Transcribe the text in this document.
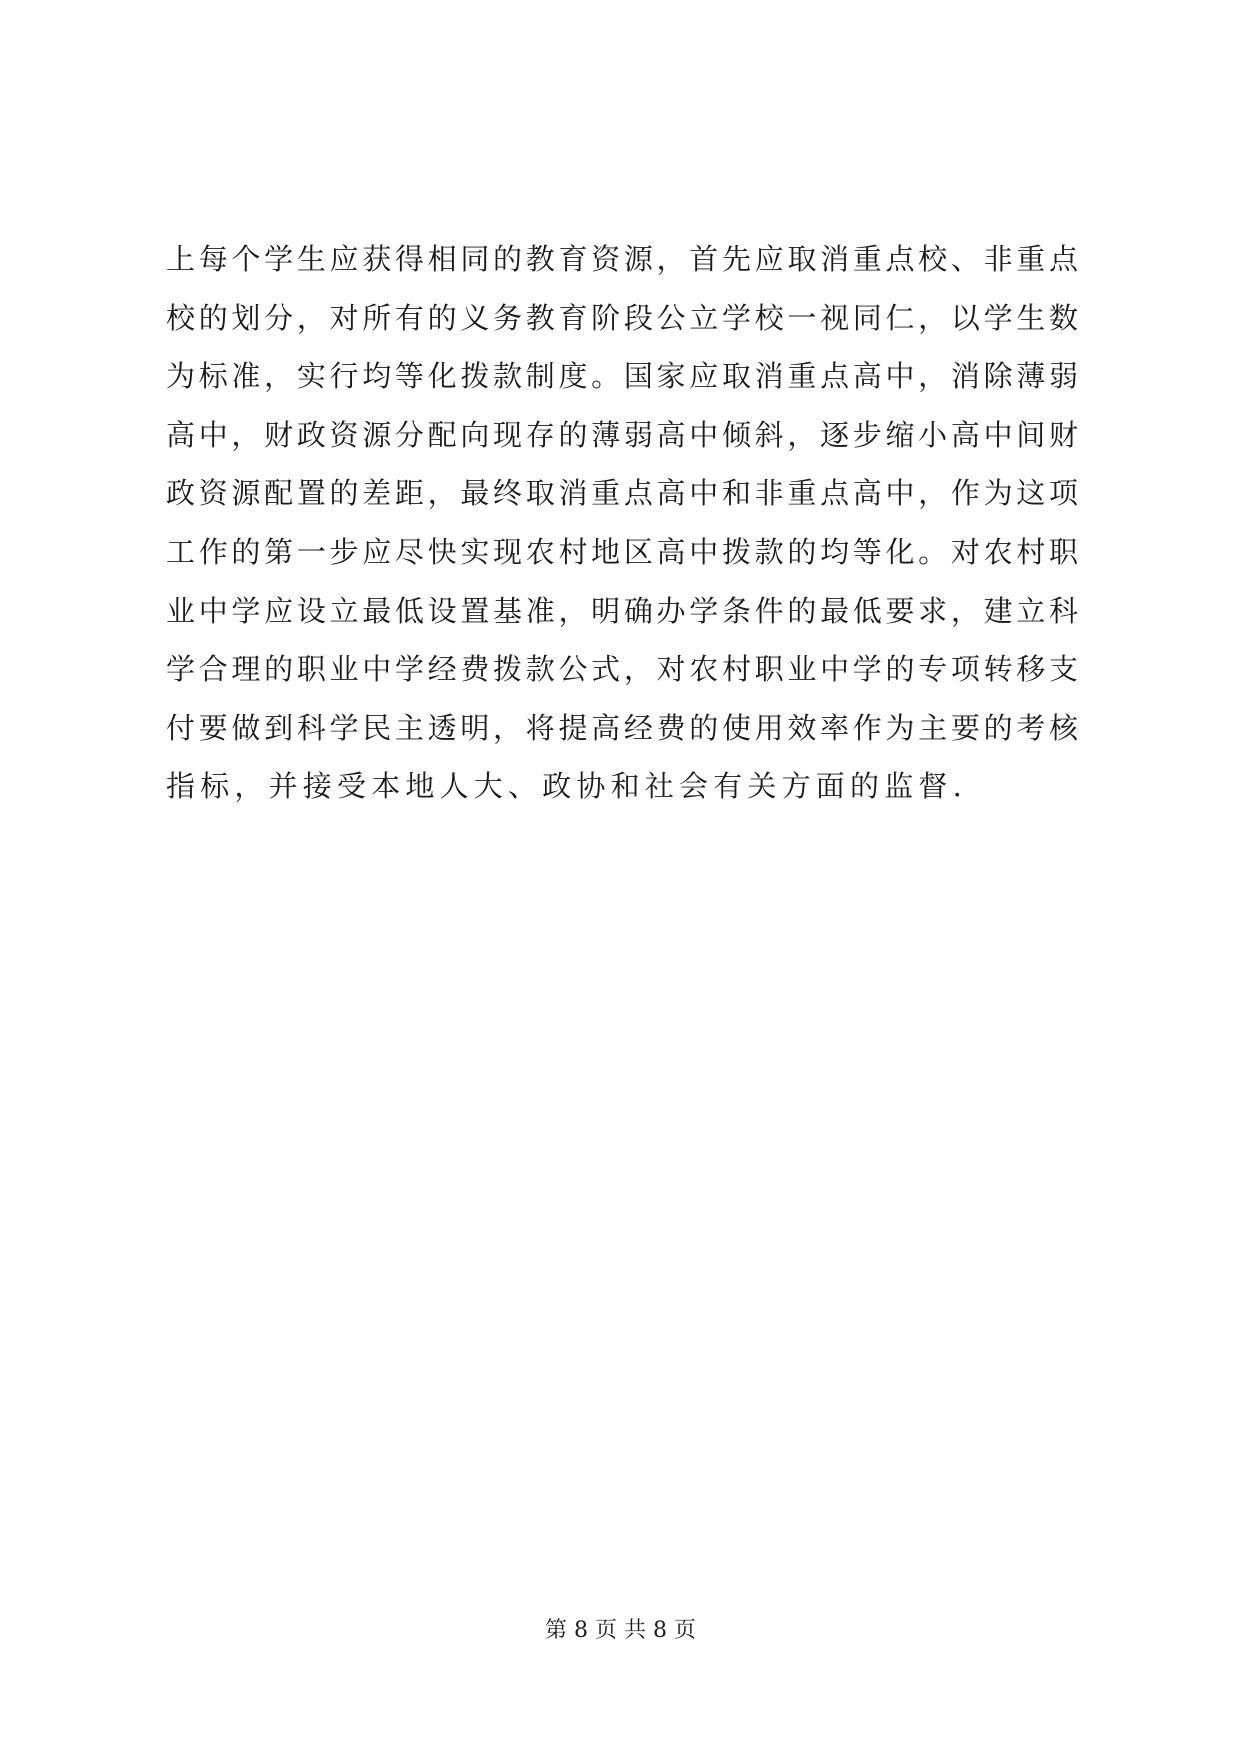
上每个学生应获得相同的教育资源，首先应取消重点校、非重点
校的划分，对所有的义务教育阶段公立学校一视同仁，以学生数
为标准，实行均等化拨款制度。国家应取消重点高中，消除薄弱
高中，财政资源分配向现存的薄弱高中倾斜，逐步缩小高中间财
政资源配置的差距，最终取消重点高中和非重点高中，作为这项
工作的第一步应尽快实现农村地区高中拨款的均等化。对农村职
业中学应设立最低设置基准，明确办学条件的最低要求，建立科
学合理的职业中学经费拨款公式，对农村职业中学的专项转移支
付要做到科学民主透明，将提高经费的使用效率作为主要的考核
指标，并接受本地人大、政协和社会有关方面的监督.
第 8 页 共 8 页
